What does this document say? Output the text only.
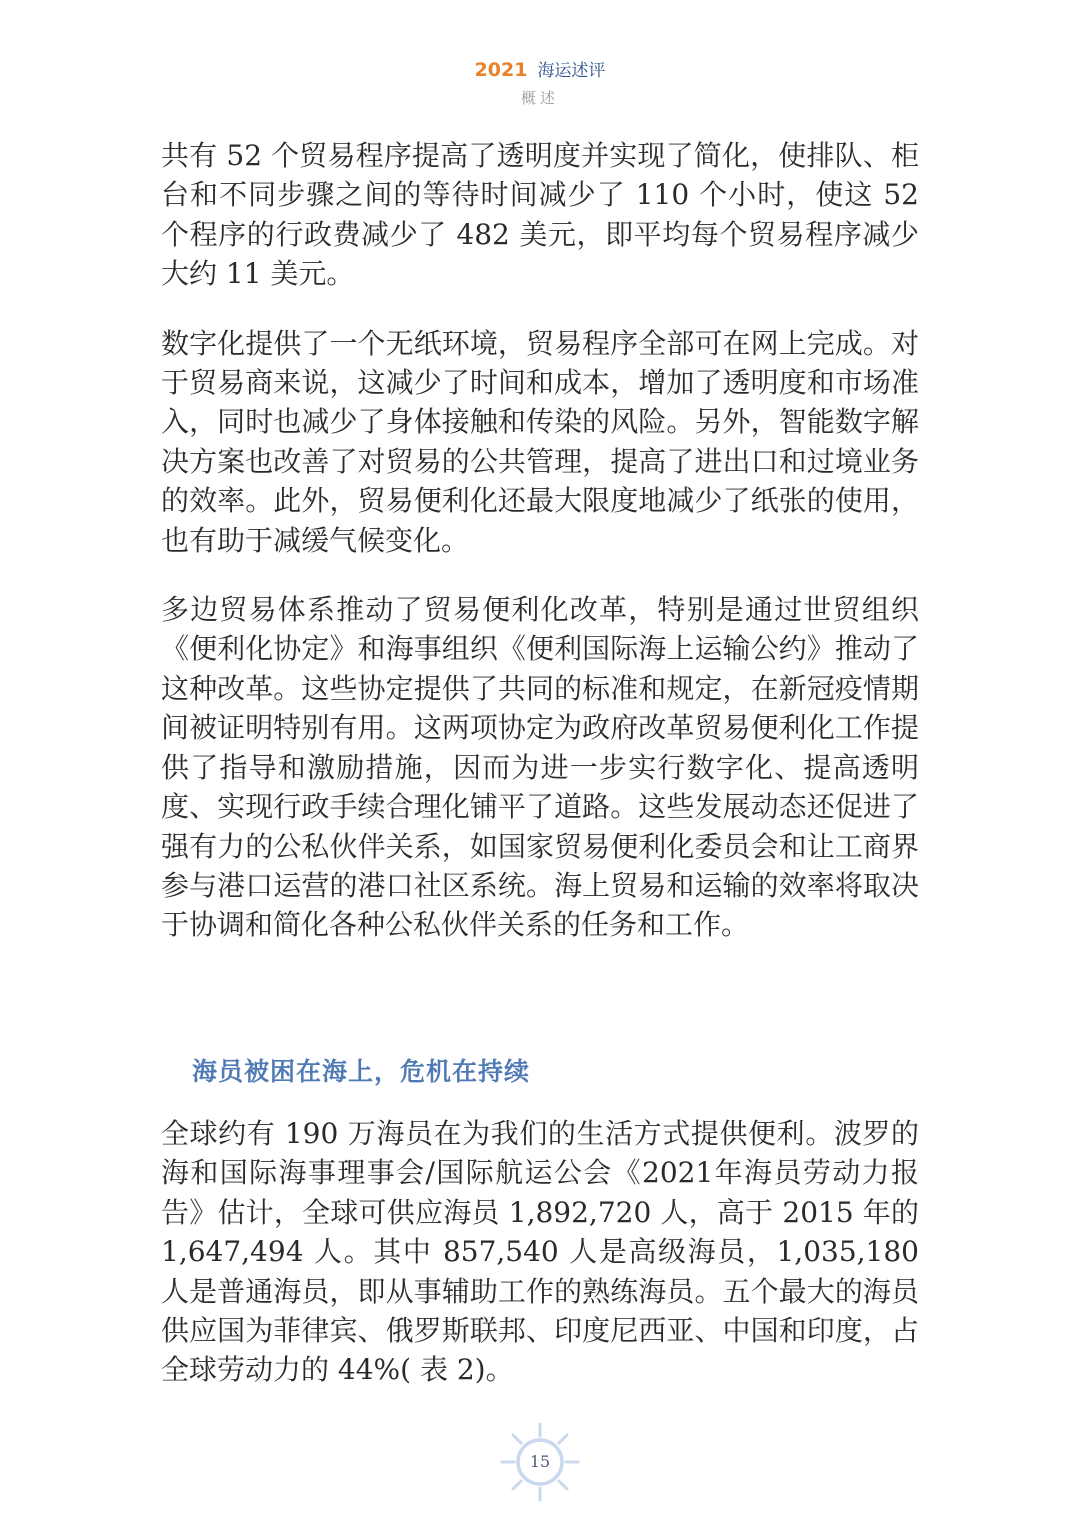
2021 海运述评
概述

共有 52 个贸易程序提高了透明度并实现了简化，使排队、柜台和不同步骤之间的等待时间减少了 110 个小时，使这 52 个程序的行政费减少了 482 美元，即平均每个贸易程序减少大约 11 美元。

数字化提供了一个无纸环境，贸易程序全部可在网上完成。对于贸易商来说，这减少了时间和成本，增加了透明度和市场准入，同时也减少了身体接触和传染的风险。另外，智能数字解决方案也改善了对贸易的公共管理，提高了进出口和过境业务的效率。此外，贸易便利化还最大限度地减少了纸张的使用，也有助于减缓气候变化。

多边贸易体系推动了贸易便利化改革，特别是通过世贸组织《便利化协定》和海事组织《便利国际海上运输公约》推动了这种改革。这些协定提供了共同的标准和规定，在新冠疫情期间被证明特别有用。这两项协定为政府改革贸易便利化工作提供了指导和激励措施，因而为进一步实行数字化、提高透明度、实现行政手续合理化铺平了道路。这些发展动态还促进了强有力的公私伙伴关系，如国家贸易便利化委员会和让工商界参与港口运营的港口社区系统。海上贸易和运输的效率将取决于协调和简化各种公私伙伴关系的任务和工作。

海员被困在海上，危机在持续

全球约有 190 万海员在为我们的生活方式提供便利。波罗的海和国际海事理事会/国际航运公会《2021年海员劳动力报告》估计，全球可供应海员 1,892,720 人，高于 2015 年的 1,647,494 人。其中 857,540 人是高级海员，1,035,180 人是普通海员，即从事辅助工作的熟练海员。五个最大的海员供应国为菲律宾、俄罗斯联邦、印度尼西亚、中国和印度，占全球劳动力的 44%( 表 2)。

15
